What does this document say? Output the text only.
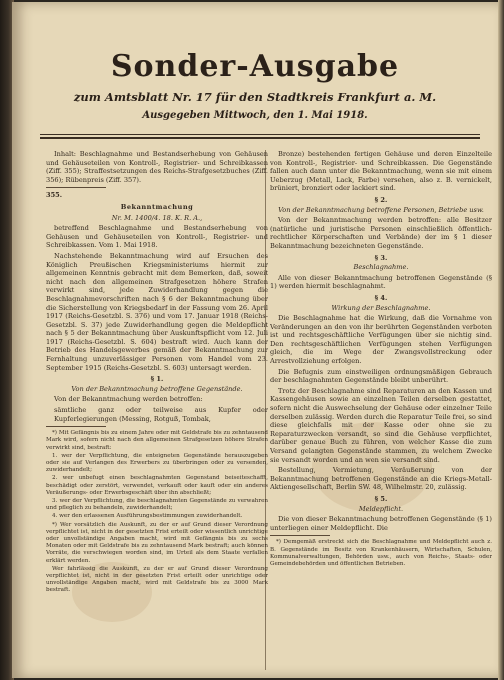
Sonder-Ausgabe
zum Amtsblatt Nr. 17 für den Stadtkreis Frankfurt a. M.
Ausgegeben Mittwoch, den 1. Mai 1918.

Inhalt: Beschlagnahme und Bestandserhebung von Gehäusen und Gehäuseteilen von Kontroll-, Registrier- und Schreibkassen (Ziff. 355); Straffestsetzungen des Reichs-Strafgesetzbuches (Ziff. 356); Rübenpreis (Ziff. 357).

355.

Bekanntmachung

Nr. M. 1400/4. 18. K. R. A.,

betreffend Beschlagnahme und Bestandserhebung von Gehäusen und Gehäuseteilen von Kontroll-, Registrier- und Schreibkassen. Vom 1. Mai 1918.

Nachstehende Bekanntmachung wird auf Ersuchen des Königlich Preußischen Kriegsministeriums hiermit zur allgemeinen Kenntnis gebracht mit dem Bemerken, daß, soweit nicht nach den allgemeinen Strafgesetzen höhere Strafen verwirkt sind, jede Zuwiderhandlung gegen die Beschlagnahmevorschriften nach § 6 der Bekanntmachung über die Sicherstellung von Kriegsbedarf in der Fassung vom 26. April 1917 (Reichs-Gesetzbl. S. 376) und vom 17. Januar 1918 (Reichs-Gesetzbl. S. 37) jede Zuwiderhandlung gegen die Meldepflicht nach § 5 der Bekanntmachung über Auskunftspflicht vom 12. Juli 1917 (Reichs-Gesetzbl. S. 604) bestraft wird. Auch kann der Betrieb des Handelsgewerbes gemäß der Bekanntmachung zur Fernhaltung unzuverlässiger Personen vom Handel vom 23. September 1915 (Reichs-Gesetzbl. S. 603) untersagt werden.

§ 1.

Von der Bekanntmachung betroffene Gegenstände.

Von der Bekanntmachung werden betroffen:

sämtliche ganz oder teilweise aus Kupfer oder Kupferlegierungen (Messing, Rotguß, Tombak,

*) Mit Gefängnis bis zu einem Jahre oder mit Geldstrafe bis zu zehntausend Mark wird, sofern nicht nach den allgemeinen Strafgesetzen höhere Strafen verwirkt sind, bestraft:

1. wer der Verpflichtung, die enteigneten Gegenstände herauszugeben oder sie auf Verlangen des Erwerbers zu überbringen oder zu versenden, zuwiderhandelt;

2. wer unbefugt einen beschlagnahmten Gegenstand beiseiteschafft, beschädigt oder zerstört, verwendet, verkauft oder kauft oder ein anderes Veräußerungs- oder Erwerbsgeschäft über ihn abschließt;

3. wer der Verpflichtung, die beschlagnahmten Gegenstände zu verwahren und pfleglich zu behandeln, zuwiderhandelt;

4. wer den erlassenen Ausführungsbestimmungen zuwiderhandelt.

*) Wer vorsätzlich die Auskunft, zu der er auf Grund dieser Verordnung verpflichtet ist, nicht in der gesetzten Frist erteilt oder wissentlich unrichtige oder unvollständige Angaben macht, wird mit Gefängnis bis zu sechs Monaten oder mit Geldstrafe bis zu zehntausend Mark bestraft; auch können Vorräte, die verschwiegen worden sind, im Urteil als dem Staate verfallen erklärt werden.

Wer fahrlässig die Auskunft, zu der er auf Grund dieser Verordnung verpflichtet ist, nicht in der gesetzten Frist erteilt oder unrichtige oder unvollständige Angaben macht, wird mit Geldstrafe bis zu 3000 Mark bestraft.

Bronze) bestehenden fertigen Gehäuse und deren Einzelteile von Kontroll-, Registrier- und Schreibkassen. Die Gegenstände fallen auch dann unter die Bekanntmachung, wenn sie mit einem Ueberzug (Metall, Lack, Farbe) versehen, also z. B. vernickelt, brüniert, bronziert oder lackiert sind.

§ 2.

Von der Bekanntmachung betroffene Personen, Betriebe usw.

Von der Bekanntmachung werden betroffen: alle Besitzer (natürliche und juristische Personen einschließlich öffentlich-rechtlicher Körperschaften und Verbände) der im § 1 dieser Bekanntmachung bezeichneten Gegenstände.

§ 3.

Beschlagnahme.

Alle von dieser Bekanntmachung betroffenen Gegenstände (§ 1) werden hiermit beschlagnahmt.

§ 4.

Wirkung der Beschlagnahme.

Die Beschlagnahme hat die Wirkung, daß die Vornahme von Veränderungen an den von ihr berührten Gegenständen verboten ist und rechtsgeschäftliche Verfügungen über sie nichtig sind. Den rechtsgeschäftlichen Verfügungen stehen Verfügungen gleich, die im Wege der Zwangsvollstreckung oder Arrestvollziehung erfolgen.

Die Befugnis zum einstweiligen ordnungsmäßigen Gebrauch der beschlagnahmten Gegenstände bleibt unberührt.

Trotz der Beschlagnahme sind Reparaturen an den Kassen und Kassengehäusen sowie an einzelnen Teilen derselben gestattet, sofern nicht die Auswechselung der Gehäuse oder einzelner Teile derselben zulässig. Werden durch die Reparatur Teile frei, so sind diese gleichfalls mit der Kasse oder ohne sie zu Reparaturzwecken versandt, so sind die Gehäuse verpflichtet, darüber genaue Buch zu führen, von welcher Kasse die zum Versand gelangten Gegenstände stammen, zu welchem Zwecke sie versandt worden und an wen sie versandt sind.

Bestellung, Vermietung, Veräußerung von der Bekanntmachung betroffenen Gegenstände an die Kriegs-Metall-Aktiengesellschaft, Berlin SW. 48, Wilhelmstr. 20, zulässig.

§ 5.

Meldepflicht.

Die von dieser Bekanntmachung betroffenen Gegenstände (§ 1) unterliegen einer Meldepflicht. Die

*) Demgemäß erstreckt sich die Beschlagnahme und Meldepflicht auch z. B. Gegenstände im Besitz von Krankenhäusern, Wirtschaften, Schulen, Kommunalverwaltungen, Behörden usw., auch von Reichs-, Staats- oder Gemeindebehörden und öffentlichen Betrieben.
